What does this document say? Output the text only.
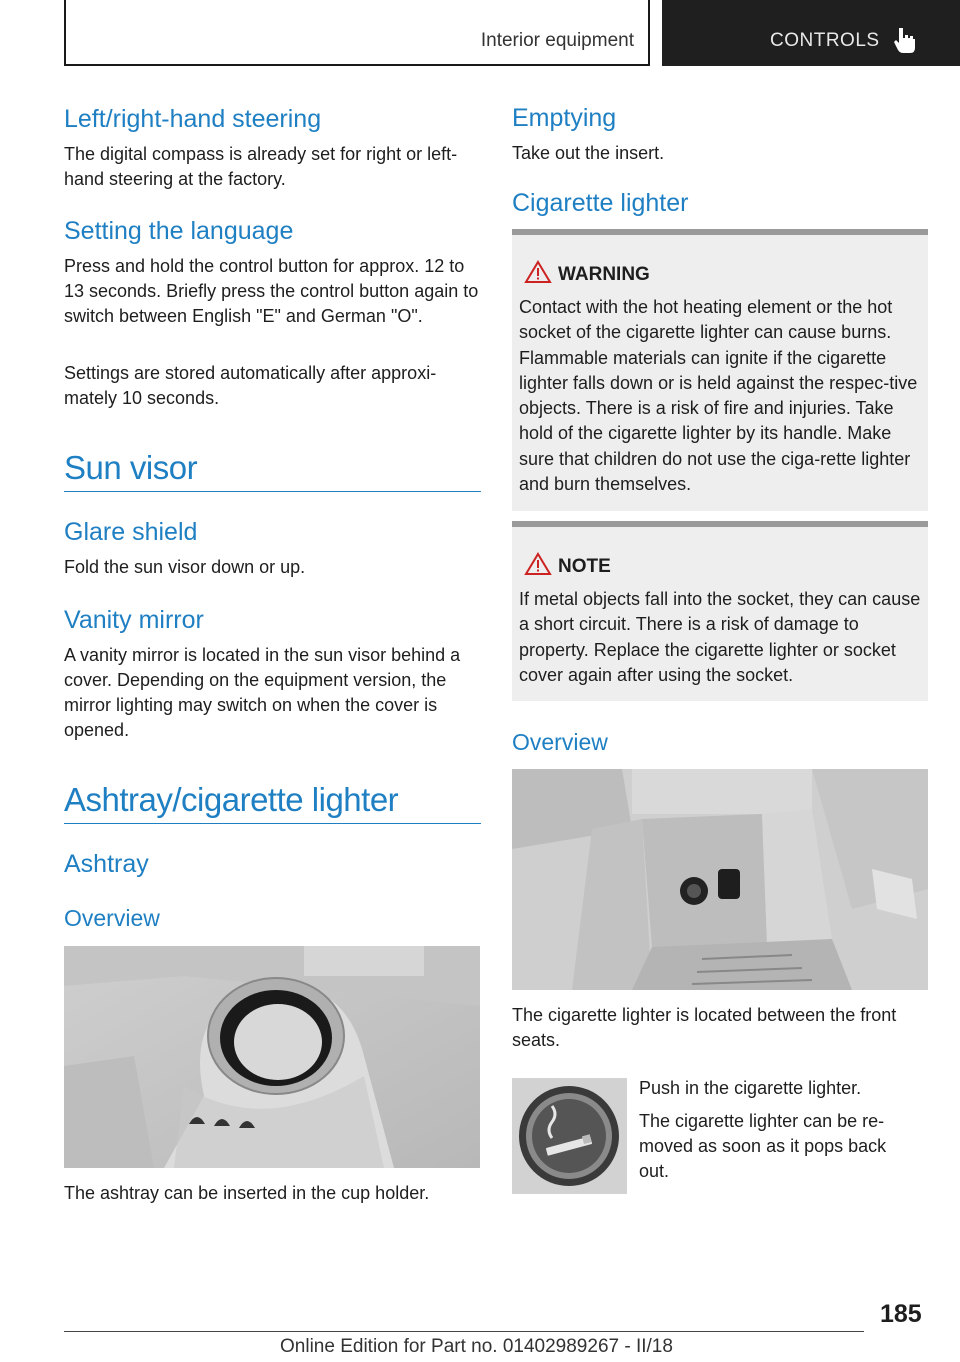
Interior equipment	CONTROLS
Left/right-hand steering
The digital compass is already set for right or left-hand steering at the factory.
Setting the language
Press and hold the control button for approx. 12 to 13 seconds. Briefly press the control button again to switch between English "E" and German "O".
Settings are stored automatically after approxi-mately 10 seconds.
Sun visor
Glare shield
Fold the sun visor down or up.
Vanity mirror
A vanity mirror is located in the sun visor behind a cover. Depending on the equipment version, the mirror lighting may switch on when the cover is opened.
Ashtray/cigarette lighter
Ashtray
Overview
The ashtray can be inserted in the cup holder.
Emptying
Take out the insert.
Cigarette lighter
WARNING
Contact with the hot heating element or the hot socket of the cigarette lighter can cause burns. Flammable materials can ignite if the cigarette lighter falls down or is held against the respec-tive objects. There is a risk of fire and injuries. Take hold of the cigarette lighter by its handle. Make sure that children do not use the ciga-rette lighter and burn themselves.
NOTE
If metal objects fall into the socket, they can cause a short circuit. There is a risk of damage to property. Replace the cigarette lighter or socket cover again after using the socket.
Overview
The cigarette lighter is located between the front seats.
Push in the cigarette lighter.
The cigarette lighter can be re-moved as soon as it pops back out.
185
Online Edition for Part no. 01402989267 - II/18
